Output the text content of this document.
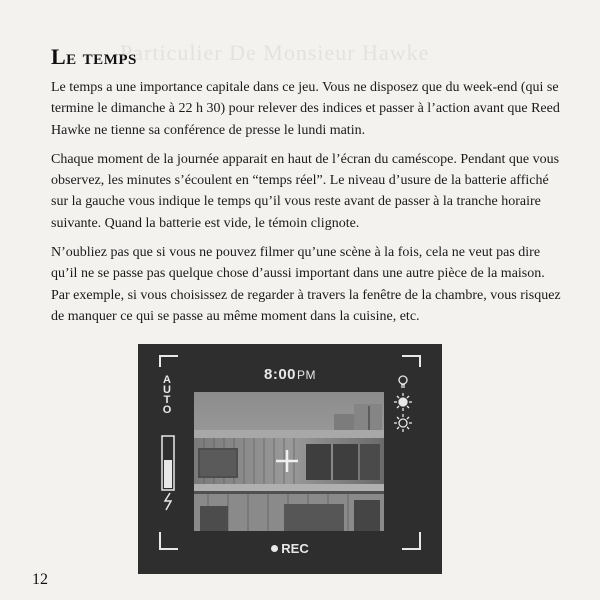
Particulier De Monsieur Hawke
Le temps

Le temps a une importance capitale dans ce jeu. Vous ne disposez que du week-end (qui se termine le dimanche à 22 h 30) pour relever des indices et passer à l’action avant que Reed Hawke ne tienne sa conférence de presse le lundi matin.

Chaque moment de la journée apparait en haut de l’écran du caméscope. Pendant que vous observez, les minutes s’écoulent en “temps réel”. Le niveau d’usure de la batterie affiché sur la gauche vous indique le temps qu’il vous reste avant de passer à la tranche horaire suivante. Quand la batterie est vide, le témoin clignote.

N’oubliez pas que si vous ne pouvez filmer qu’une scène à la fois, cela ne veut pas dire qu’il ne se passe pas quelque chose d’aussi important dans une autre pièce de la maison. Par exemple, si vous choisissez de regarder à travers la fenêtre de la chambre, vous risquez de manquer ce qui se passe au même moment dans la cuisine, etc.

8:00PM
A
U
T
O
REC
12
